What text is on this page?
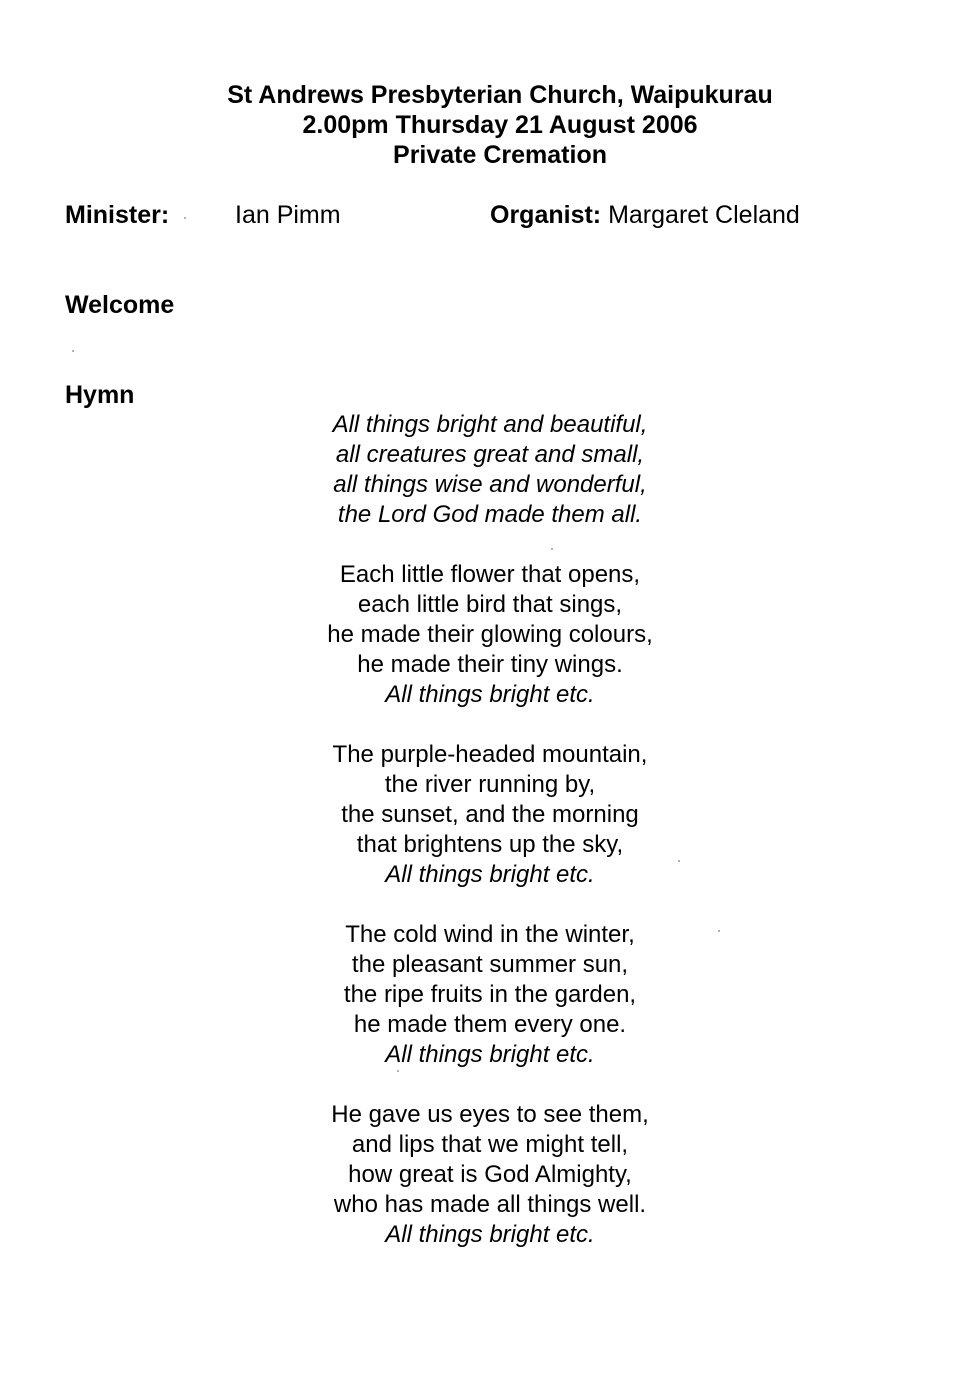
St Andrews Presbyterian Church, Waipukurau
2.00pm Thursday 21 August 2006
Private Cremation
Minister:	Ian Pimm	Organist: Margaret Cleland
Welcome
Hymn
All things bright and beautiful,
all creatures great and small,
all things wise and wonderful,
the Lord God made them all.
Each little flower that opens,
each little bird that sings,
he made their glowing colours,
he made their tiny wings.
All things bright etc.
The purple-headed mountain,
the river running by,
the sunset, and the morning
that brightens up the sky,
All things bright etc.
The cold wind in the winter,
the pleasant summer sun,
the ripe fruits in the garden,
he made them every one.
All things bright etc.
He gave us eyes to see them,
and lips that we might tell,
how great is God Almighty,
who has made all things well.
All things bright etc.
